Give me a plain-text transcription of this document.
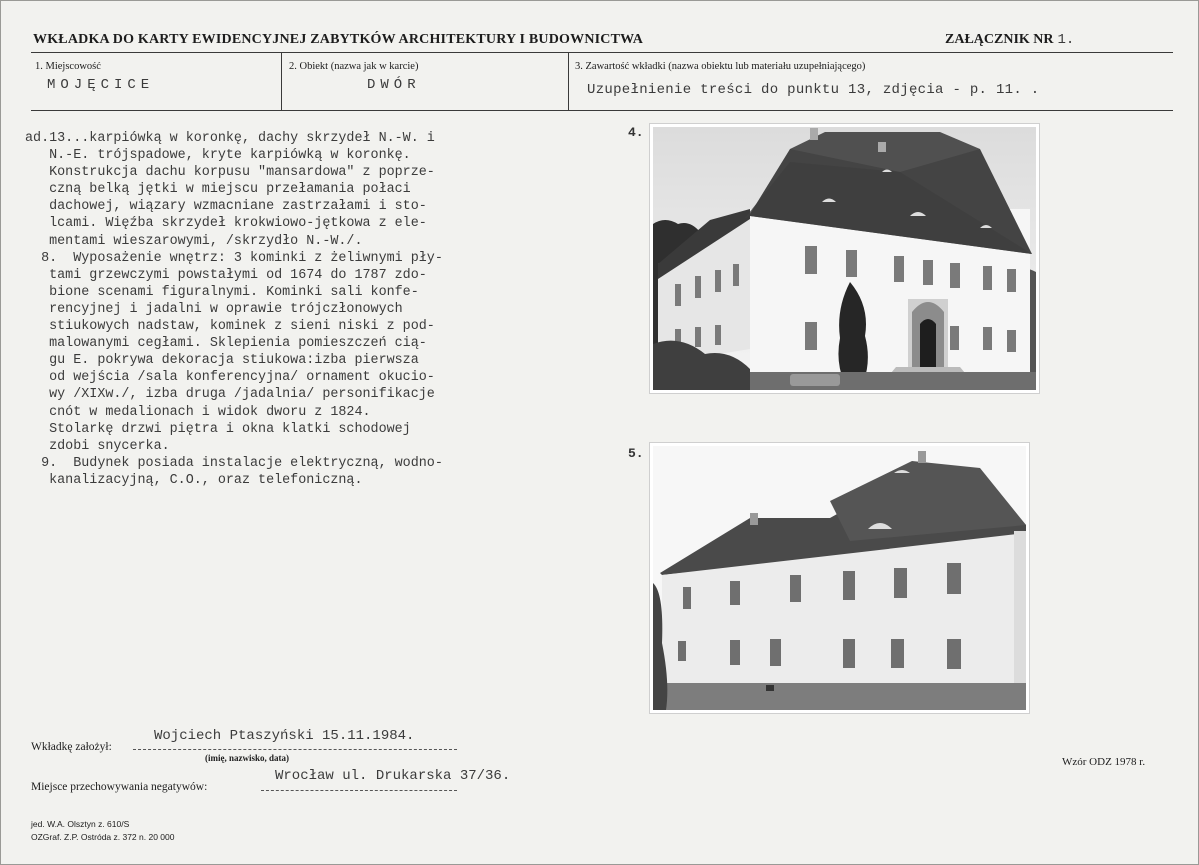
WKŁADKA DO KARTY EWIDENCYJNEJ ZABYTKÓW ARCHITEKTURY I BUDOWNICTWA	ZAŁĄCZNIK NR 1.
1. Miejscowość
MOJĘCICE
2. Obiekt (nazwa jak w karcie)
DWÓR
3. Zawartość wkładki (nazwa obiektu lub materiału uzupełniającego)
Uzupełnienie treści do punktu 13, zdjęcia - p. 11. .
ad.13...karpiówką w koronkę, dachy skrzydeł N.-W. i
N.-E. trójspadowe, kryte karpiówką w koronkę.
Konstrukcja dachu korpusu "mansardowa" z poprze-
czną belką jętki w miejscu przełamania połaci
dachowej, wiązary wzmacniane zastrzałami i sto-
lcami. Więźba skrzydeł krokwiowo-jętkowa z ele-
mentami wieszarowymi, /skrzydło N.-W./.
8.  Wyposażenie wnętrz: 3 kominki z żeliwnymi pły-
tami grzewczymi powstałymi od 1674 do 1787 zdo-
bione scenami figuralnymi. Kominki sali konfe-
rencyjnej i jadalni w oprawie trójczłonowych
stiukowych nadstaw, kominek z sieni niski z pod-
malowanymi cegłami. Sklepienia pomieszczeń cią-
gu E. pokrywa dekoracja stiukowa:izba pierwsza
od wejścia /sala konferencyjna/ ornament okucio-
wy /XIXw./, izba druga /jadalnia/ personifikacje
cnót w medalionach i widok dworu z 1824.
Stolarkę drzwi piętra i okna klatki schodowej
zdobi snycerka.
9.  Budynek posiada instalacje elektryczną, wodno-
kanalizacyjną, C.O., oraz telefoniczną.

4.
5.
Wkładkę założył:
Wojciech Ptaszyński 15.11.1984.
(imię, nazwisko, data)
Miejsce przechowywania negatywów:
Wrocław ul. Drukarska 37/36.
jed. W.A. Olsztyn z. 610/S
OZGraf. Z.P. Ostróda z. 372 n. 20 000
Wzór ODZ 1978 r.
